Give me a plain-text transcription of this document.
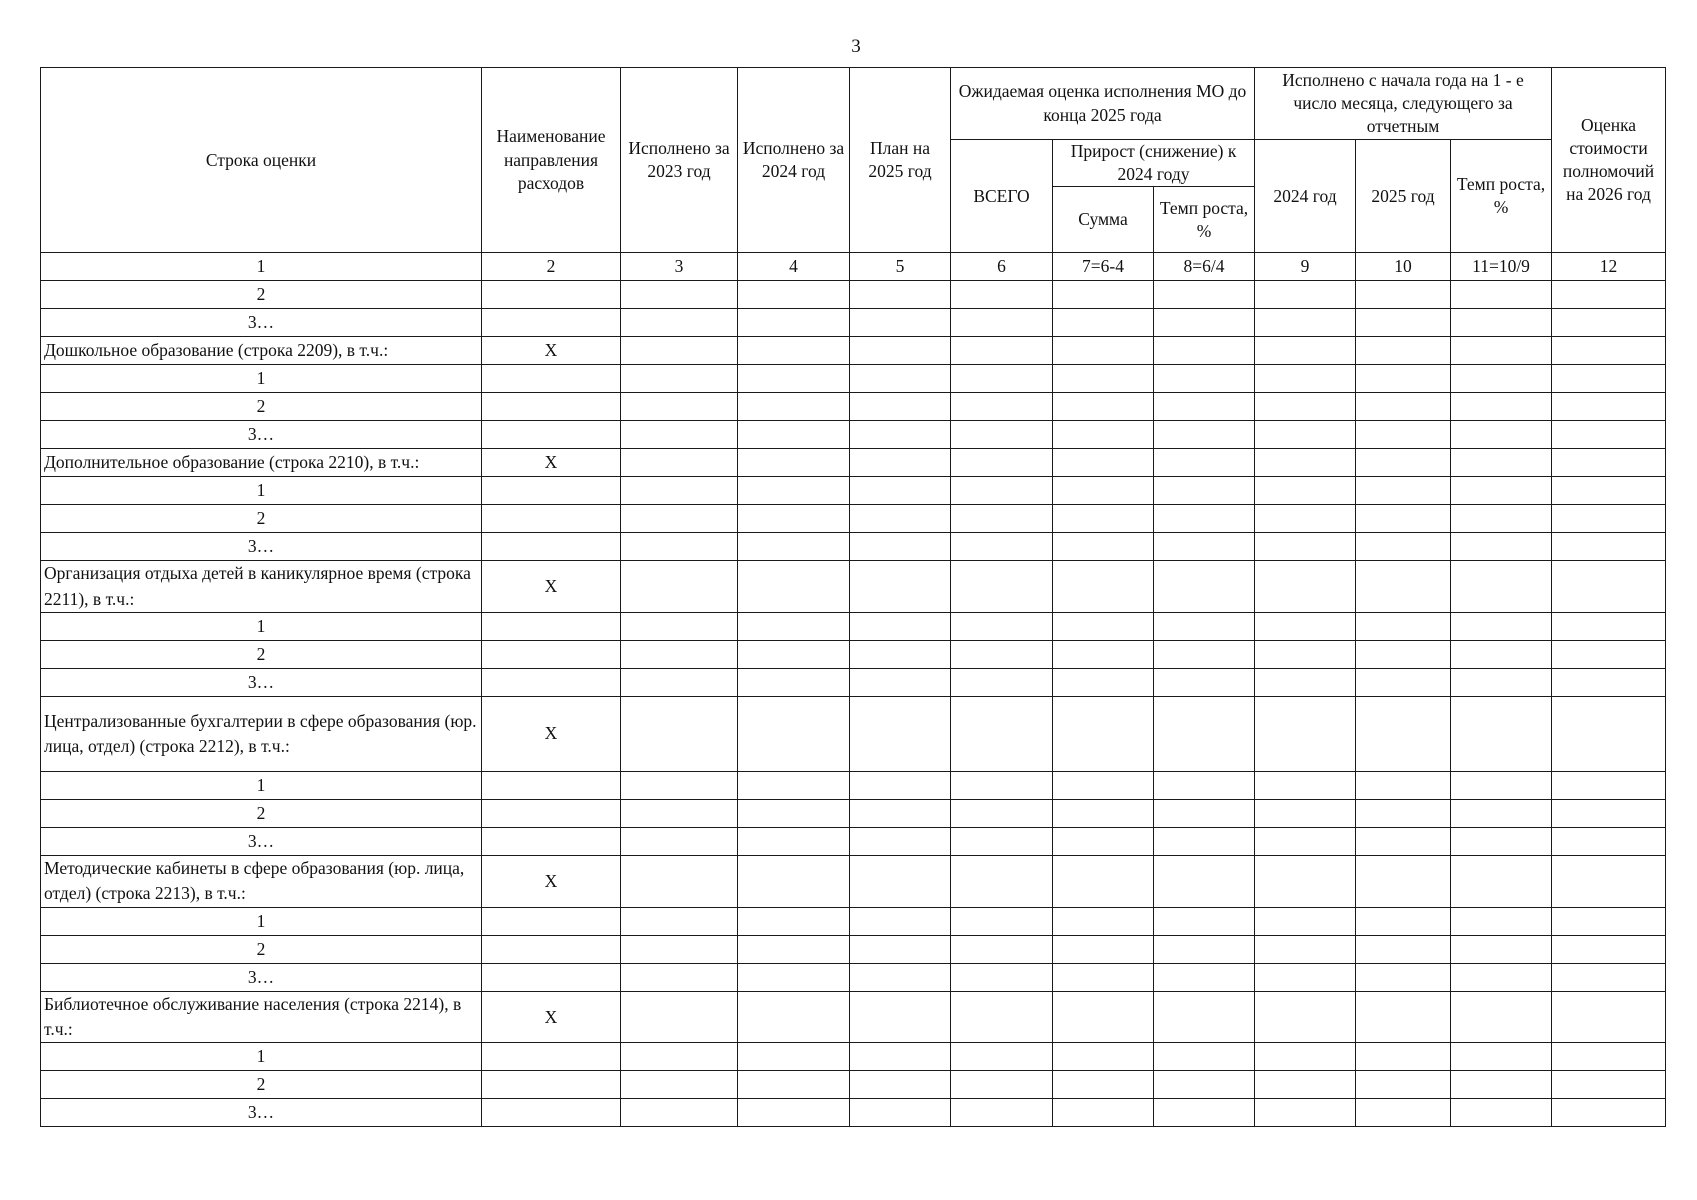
3
Строка оценки	Наименование направления расходов	Исполнено за 2023 год	Исполнено за 2024 год	План на 2025 год	Ожидаемая оценка исполнения МО до конца 2025 года			Исполнено с начала года на 1 - е число месяца, следующего за отчетным			Оценка стоимости полномочий на 2026 год
					ВСЕГО	Прирост (снижение) к 2024 году		2024 год	2025 год	Темп роста, %	
						Сумма	Темп роста, %				

1	2	3	4	5	6	7=6-4	8=6/4	9	10	11=10/9	12
2											
3…											
Дошкольное образование (строка 2209), в т.ч.:	X										
1											
2											
3…											
Дополнительное образование (строка 2210), в т.ч.:	X										
1											
2											
3…											
Организация отдыха детей в каникулярное время (строка 2211), в т.ч.:	X										
1											
2											
3…											
Централизованные бухгалтерии в сфере образования (юр. лица, отдел) (строка 2212), в т.ч.:	X										
1											
2											
3…											
Методические кабинеты в сфере образования (юр. лица, отдел) (строка 2213), в т.ч.:	X										
1											
2											
3…											
Библиотечное обслуживание населения (строка 2214), в т.ч.:	X										
1											
2											
3…											
